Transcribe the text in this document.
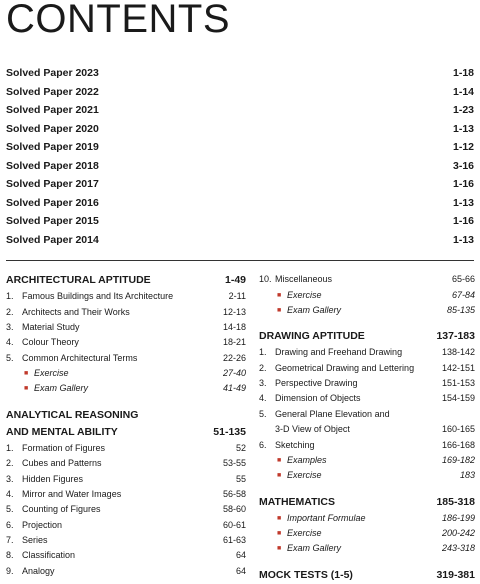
CONTENTS
Solved Paper 2023	1-18
Solved Paper 2022	1-14
Solved Paper 2021	1-23
Solved Paper 2020	1-13
Solved Paper 2019	1-12
Solved Paper 2018	3-16
Solved Paper 2017	1-16
Solved Paper 2016	1-13
Solved Paper 2015	1-16
Solved Paper 2014	1-13
ARCHITECTURAL APTITUDE	1-49
1. Famous Buildings and Its Architecture	2-11
2. Architects and Their Works	12-13
3. Material Study	14-18
4. Colour Theory	18-21
5. Common Architectural Terms	22-26
■ Exercise	27-40
■ Exam Gallery	41-49
ANALYTICAL REASONING
AND MENTAL ABILITY	51-135
1. Formation of Figures	52
2. Cubes and Patterns	53-55
3. Hidden Figures	55
4. Mirror and Water Images	56-58
5. Counting of Figures	58-60
6. Projection	60-61
7. Series	61-63
8. Classification	64
9. Analogy	64
10. Miscellaneous	65-66
■ Exercise	67-84
■ Exam Gallery	85-135
DRAWING APTITUDE	137-183
1. Drawing and Freehand Drawing	138-142
2. Geometrical Drawing and Lettering	142-151
3. Perspective Drawing	151-153
4. Dimension of Objects	154-159
5. General Plane Elevation and
3-D View of Object	160-165
6. Sketching	166-168
■ Examples	169-182
■ Exercise	183
MATHEMATICS	185-318
■ Important Formulae	186-199
■ Exercise	200-242
■ Exam Gallery	243-318
MOCK TESTS (1-5)	319-381
